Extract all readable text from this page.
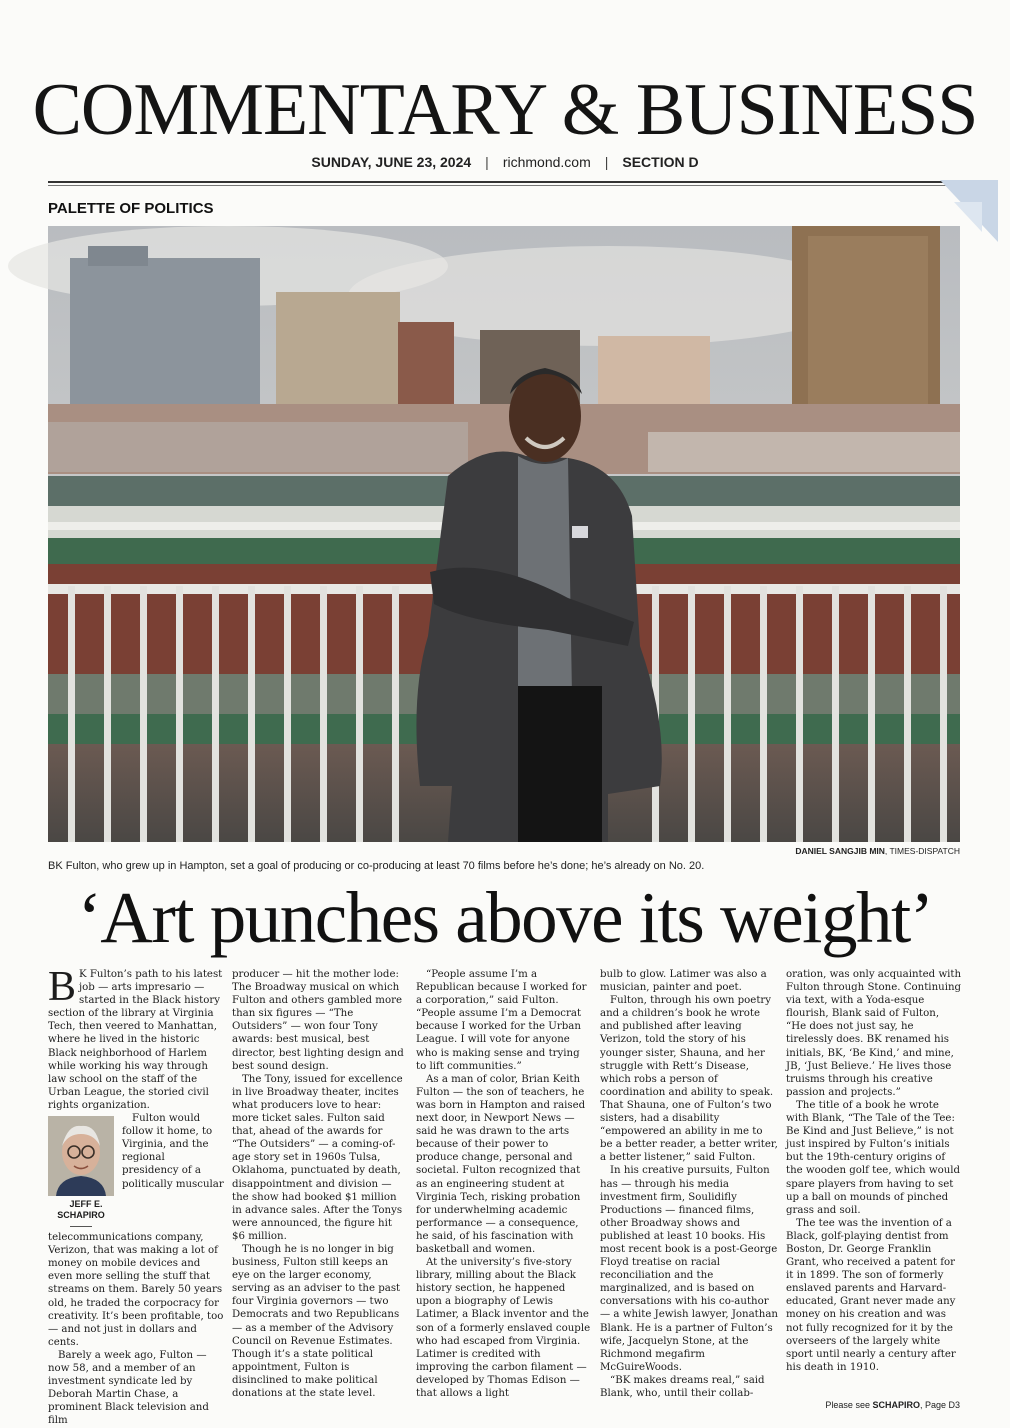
COMMENTARY & BUSINESS
SUNDAY, JUNE 23, 2024 | richmond.com | SECTION D
PALETTE OF POLITICS
DANIEL SANGJIB MIN, TIMES-DISPATCH
BK Fulton, who grew up in Hampton, set a goal of producing or co-producing at least 70 films before he’s done; he’s already on No. 20.
‘Art punches above its weight’

B K Fulton’s path to his latest job — arts impresario — started in the Black history section of the library at Virginia Tech, then veered to Manhattan, where he lived in the historic Black neighborhood of Harlem while working his way through law school on the staff of the Urban League, the storied civil rights organization.

JEFF E.
SCHAPIRO
Fulton would follow it home, to Virginia, and the regional presidency of a politically muscular telecommunications company, Verizon, that was making a lot of money on mobile devices and even more selling the stuff that streams on them. Barely 50 years old, he traded the corpocracy for creativity. It’s been profitable, too — and not just in dollars and cents.

Barely a week ago, Fulton — now 58, and a member of an investment syndicate led by Deborah Martin Chase, a prominent Black television and film

producer — hit the mother lode: The Broadway musical on which Fulton and others gambled more than six figures — “The Outsiders” — won four Tony awards: best musical, best director, best lighting design and best sound design.

The Tony, issued for excellence in live Broadway theater, incites what producers love to hear: more ticket sales. Fulton said that, ahead of the awards for “The Outsiders” — a coming-of-age story set in 1960s Tulsa, Oklahoma, punctuated by death, disappointment and division — the show had booked $1 million in advance sales. After the Tonys were announced, the figure hit $6 million.

Though he is no longer in big business, Fulton still keeps an eye on the larger economy, serving as an adviser to the past four Virginia governors — two Democrats and two Republicans — as a member of the Advisory Council on Revenue Estimates. Though it’s a state political appointment, Fulton is disinclined to make political donations at the state level.

“People assume I’m a Republican because I worked for a corporation,” said Fulton. “People assume I’m a Democrat because I worked for the Urban League. I will vote for anyone who is making sense and trying to lift communities.”

As a man of color, Brian Keith Fulton — the son of teachers, he was born in Hampton and raised next door, in Newport News — said he was drawn to the arts because of their power to produce change, personal and societal. Fulton recognized that as an engineering student at Virginia Tech, risking probation for underwhelming academic performance — a consequence, he said, of his fascination with basketball and women.

At the university’s five-story library, milling about the Black history section, he happened upon a biography of Lewis Latimer, a Black inventor and the son of a formerly enslaved couple who had escaped from Virginia. Latimer is credited with improving the carbon filament — developed by Thomas Edison — that allows a light

bulb to glow. Latimer was also a musician, painter and poet.

Fulton, through his own poetry and a children’s book he wrote and published after leaving Verizon, told the story of his younger sister, Shauna, and her struggle with Rett’s Disease, which robs a person of coordination and ability to speak. That Shauna, one of Fulton’s two sisters, had a disability “empowered an ability in me to be a better reader, a better writer, a better listener,” said Fulton.

In his creative pursuits, Fulton has — through his media investment firm, Soulidifly Productions — financed films, other Broadway shows and published at least 10 books. His most recent book is a post-George Floyd treatise on racial reconciliation and the marginalized, and is based on conversations with his co-author — a white Jewish lawyer, Jonathan Blank. He is a partner of Fulton’s wife, Jacquelyn Stone, at the Richmond megafirm McGuireWoods.

“BK makes dreams real,” said Blank, who, until their collab-

oration, was only acquainted with Fulton through Stone. Continuing via text, with a Yoda-esque flourish, Blank said of Fulton, “He does not just say, he tirelessly does. BK renamed his initials, BK, ‘Be Kind,’ and mine, JB, ‘Just Believe.’ He lives those truisms through his creative passion and projects.”

The title of a book he wrote with Blank, “The Tale of the Tee: Be Kind and Just Believe,” is not just inspired by Fulton’s initials but the 19th-century origins of the wooden golf tee, which would spare players from having to set up a ball on mounds of pinched grass and soil.

The tee was the invention of a Black, golf-playing dentist from Boston, Dr. George Franklin Grant, who received a patent for it in 1899. The son of formerly enslaved parents and Harvard-educated, Grant never made any money on his creation and was not fully recognized for it by the overseers of the largely white sport until nearly a century after his death in 1910.

Please see SCHAPIRO, Page D3
